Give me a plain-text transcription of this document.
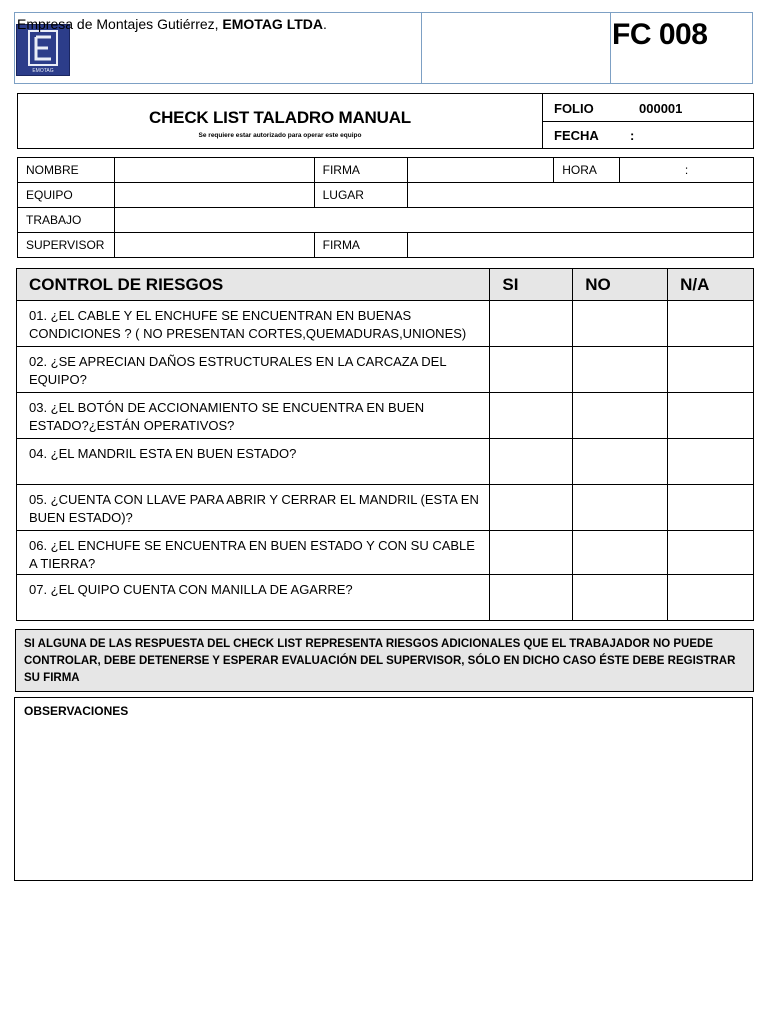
EMOTAG
Empresa de Montajes Gutiérrez, EMOTAG LTDA.	FC 008
CHECK LIST TALADRO MANUAL
Se requiere estar autorizado para operar este equipo
FOLIO	000001
FECHA :
NOMBRE		FIRMA		HORA	:
EQUIPO		LUGAR			
TRABAJO					
SUPERVISOR		FIRMA			
CONTROL DE RIESGOS	SI	NO	N/A
01. ¿EL CABLE Y EL ENCHUFE SE ENCUENTRAN EN BUENAS CONDICIONES ? ( NO PRESENTAN CORTES,QUEMADURAS,UNIONES)			
02. ¿SE APRECIAN DAÑOS ESTRUCTURALES EN LA CARCAZA DEL EQUIPO?			
03. ¿EL BOTÓN DE ACCIONAMIENTO SE ENCUENTRA EN BUEN ESTADO?¿ESTÁN OPERATIVOS?			
04. ¿EL MANDRIL ESTA EN BUEN ESTADO?			
05. ¿CUENTA CON LLAVE PARA ABRIR Y CERRAR EL MANDRIL (ESTA EN BUEN ESTADO)?			
06. ¿EL ENCHUFE SE ENCUENTRA EN BUEN ESTADO Y CON SU CABLE A TIERRA?			
07. ¿EL QUIPO CUENTA CON MANILLA DE AGARRE?			
SI ALGUNA DE LAS RESPUESTA DEL CHECK LIST REPRESENTA RIESGOS ADICIONALES QUE EL TRABAJADOR NO PUEDE CONTROLAR, DEBE DETENERSE Y ESPERAR EVALUACIÓN DEL SUPERVISOR, SÓLO EN DICHO CASO ÉSTE DEBE REGISTRAR SU FIRMA
OBSERVACIONES
